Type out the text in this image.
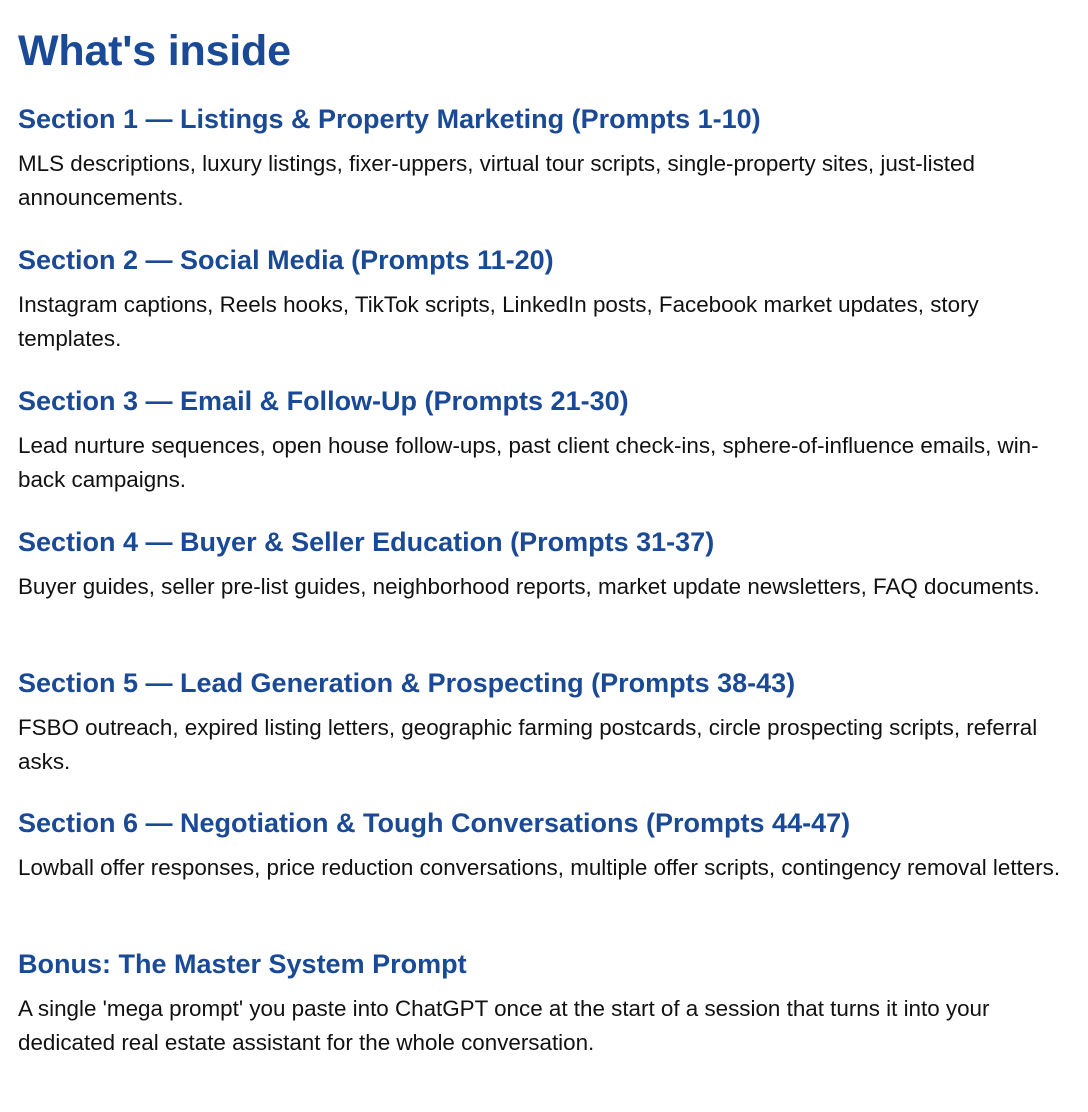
What's inside
Section 1 — Listings & Property Marketing (Prompts 1-10)

MLS descriptions, luxury listings, fixer-uppers, virtual tour scripts, single-property sites, just-listed announcements.

Section 2 — Social Media (Prompts 11-20)

Instagram captions, Reels hooks, TikTok scripts, LinkedIn posts, Facebook market updates, story templates.

Section 3 — Email & Follow-Up (Prompts 21-30)

Lead nurture sequences, open house follow-ups, past client check-ins, sphere-of-influence emails, win-back campaigns.

Section 4 — Buyer & Seller Education (Prompts 31-37)

Buyer guides, seller pre-list guides, neighborhood reports, market update newsletters, FAQ documents.

Section 5 — Lead Generation & Prospecting (Prompts 38-43)

FSBO outreach, expired listing letters, geographic farming postcards, circle prospecting scripts, referral asks.

Section 6 — Negotiation & Tough Conversations (Prompts 44-47)

Lowball offer responses, price reduction conversations, multiple offer scripts, contingency removal letters.

Bonus: The Master System Prompt

A single 'mega prompt' you paste into ChatGPT once at the start of a session that turns it into your dedicated real estate assistant for the whole conversation.
